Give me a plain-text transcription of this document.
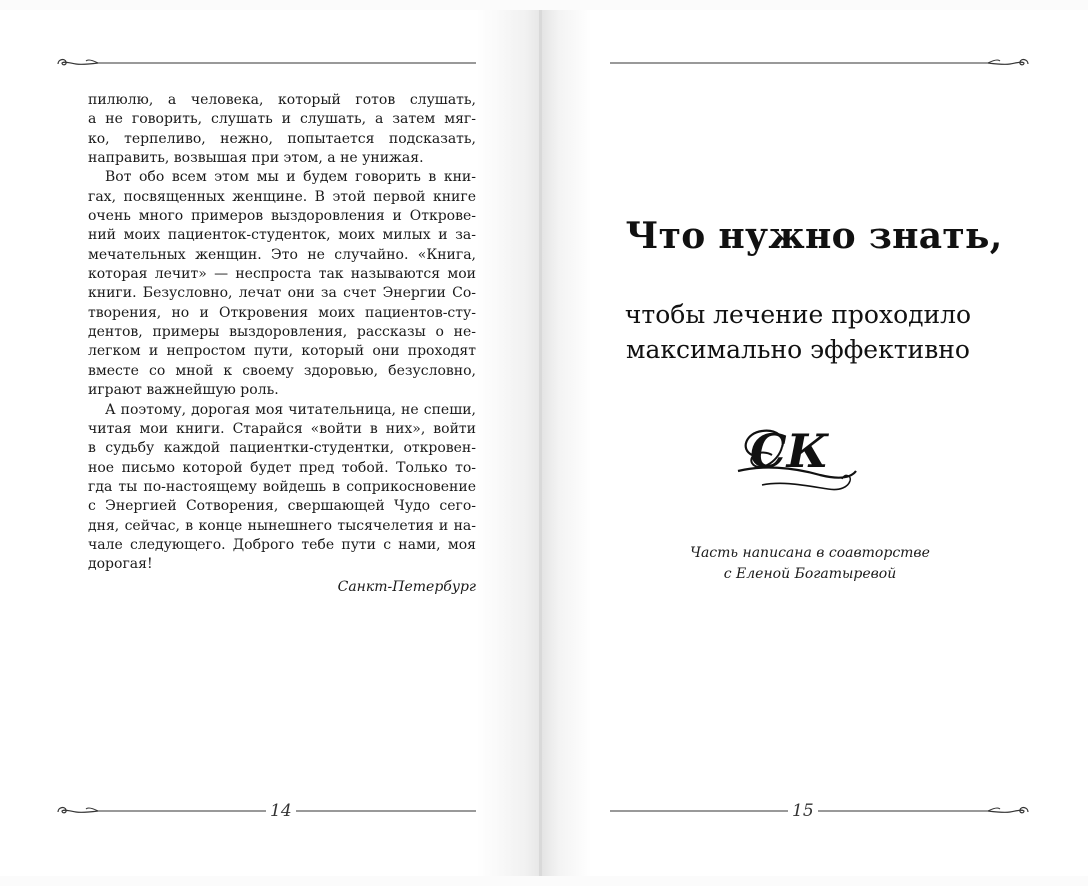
пилюлю, а человека, который готов слушать,
а не говорить, слушать и слушать, а затем мяг-
ко, терпеливо, нежно, попытается подсказать,
направить, возвышая при этом, а не унижая.
Вот обо всем этом мы и будем говорить в кни-
гах, посвященных женщине. В этой первой книге
очень много примеров выздоровления и Открове-
ний моих пациенток-студенток, моих милых и за-
мечательных женщин. Это не случайно. «Книга,
которая лечит» — неспроста так называются мои
книги. Безусловно, лечат они за счет Энергии Со-
творения, но и Откровения моих пациентов-сту-
дентов, примеры выздоровления, рассказы о не-
легком и непростом пути, который они проходят
вместе со мной к своему здоровью, безусловно,
играют важнейшую роль.
А поэтому, дорогая моя читательница, не спеши,
читая мои книги. Старайся «войти в них», войти
в судьбу каждой пациентки-студентки, откровен-
ное письмо которой будет пред тобой. Только то-
гда ты по-настоящему войдешь в соприкосновение
с Энергией Сотворения, свершающей Чудо сего-
дня, сейчас, в конце нынешнего тысячелетия и на-
чале следующего. Доброго тебе пути с нами, моя
дорогая!
Санкт-Петербург
Что нужно знать,
чтобы лечение проходило
максимально эффективно
СК
Часть написана в соавторстве
с Еленой Богатыревой
14	15
